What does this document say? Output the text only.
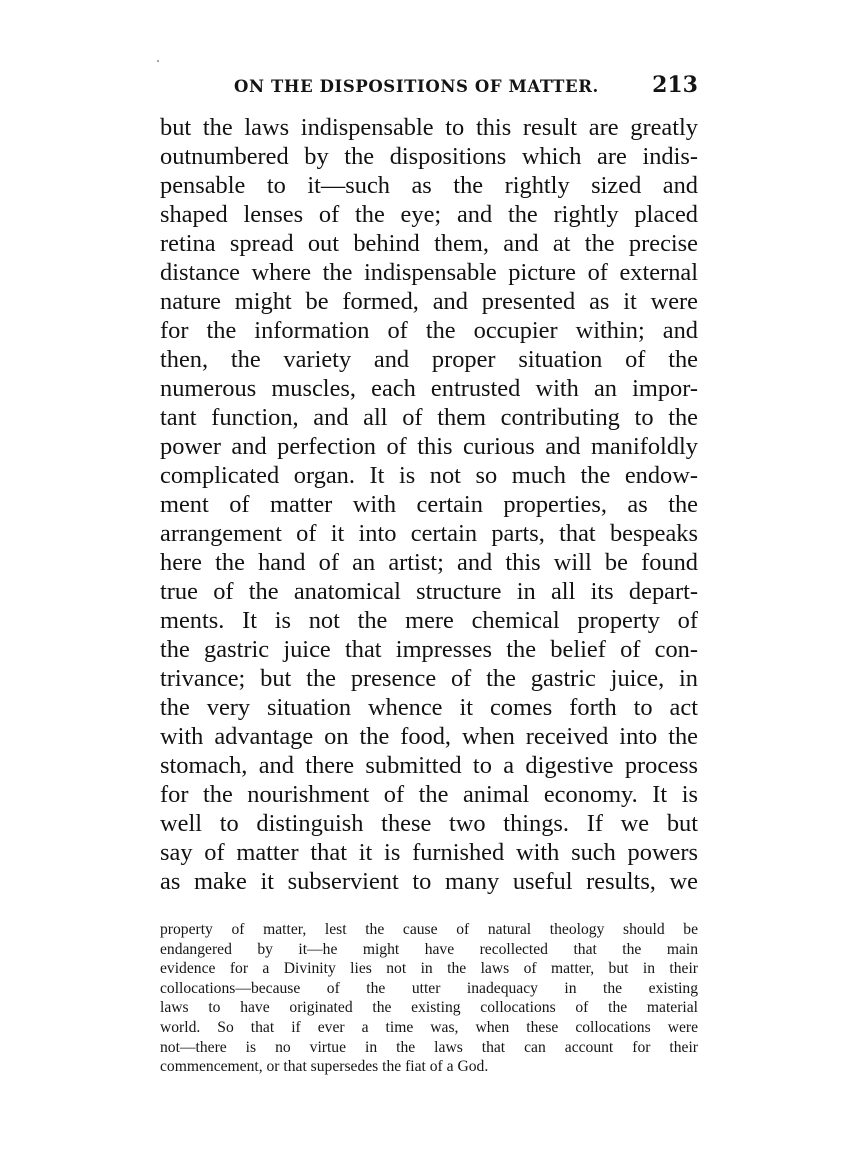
ON THE DISPOSITIONS OF MATTER. 213
but the laws indispensable to this result are greatly
outnumbered by the dispositions which are indis-
pensable to it—such as the rightly sized and
shaped lenses of the eye; and the rightly placed
retina spread out behind them, and at the precise
distance where the indispensable picture of external
nature might be formed, and presented as it were
for the information of the occupier within; and
then, the variety and proper situation of the
numerous muscles, each entrusted with an impor-
tant function, and all of them contributing to the
power and perfection of this curious and manifoldly
complicated organ. It is not so much the endow-
ment of matter with certain properties, as the
arrangement of it into certain parts, that bespeaks
here the hand of an artist; and this will be found
true of the anatomical structure in all its depart-
ments. It is not the mere chemical property of
the gastric juice that impresses the belief of con-
trivance; but the presence of the gastric juice, in
the very situation whence it comes forth to act
with advantage on the food, when received into the
stomach, and there submitted to a digestive process
for the nourishment of the animal economy. It is
well to distinguish these two things. If we but
say of matter that it is furnished with such powers
as make it subservient to many useful results, we
property of matter, lest the cause of natural theology should be
endangered by it—he might have recollected that the main
evidence for a Divinity lies not in the laws of matter, but in their
collocations—because of the utter inadequacy in the existing
laws to have originated the existing collocations of the material
world. So that if ever a time was, when these collocations were
not—there is no virtue in the laws that can account for their
commencement, or that supersedes the fiat of a God.
